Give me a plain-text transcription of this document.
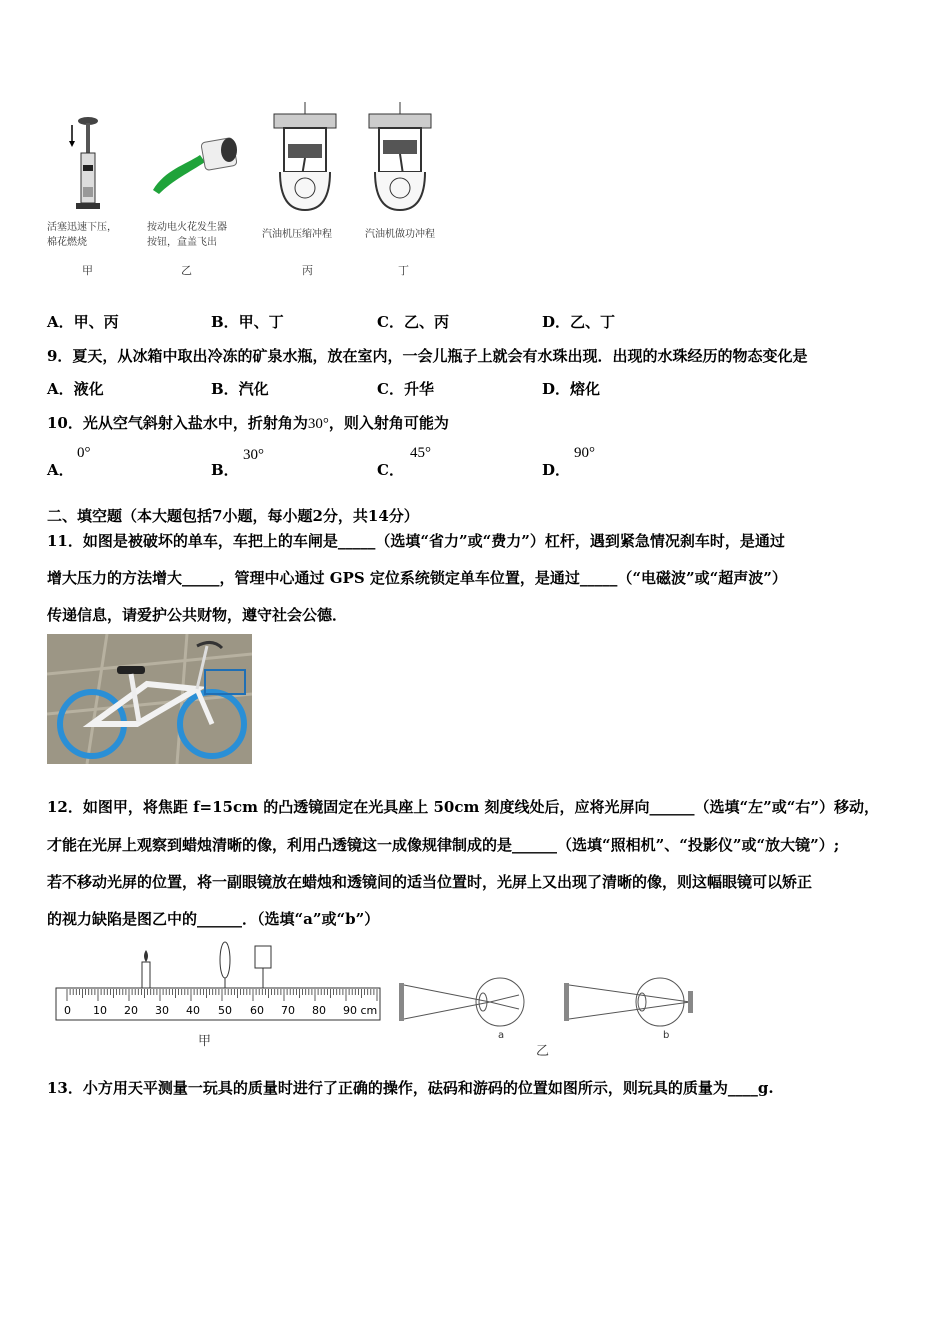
活塞迅速下压，
棉花燃烧
甲
按动电火花发生器
按钮，盒盖飞出
乙
汽油机压缩冲程
丙
汽油机做功冲程
丁
A．甲、丙	B．甲、丁	C．乙、丙	D．乙、丁
9．夏天，从冰箱中取出冷冻的矿泉水瓶，放在室内，一会儿瓶子上就会有水珠出现．出现的水珠经历的物态变化是
A．液化	B．汽化	C．升华	D．熔化
10．光从空气斜射入盐水中，折射角为30°，则入射角可能为
A．
0°
B．
30°
C．
45°
D．
90°
二、填空题（本大题包括7小题，每小题2分，共14分）
11．如图是被破坏的单车，车把上的车闸是_____（选填“省力”或“费力”）杠杆，遇到紧急情况刹车时，是通过
增大压力的方法增大_____，管理中心通过 GPS 定位系统锁定单车位置，是通过_____（“电磁波”或“超声波”）
传递信息，请爱护公共财物，遵守社会公德．
12．如图甲，将焦距 f=15cm 的凸透镜固定在光具座上 50cm 刻度线处后，应将光屏向______（选填“左”或“右”）移动，
才能在光屏上观察到蜡烛清晰的像，利用凸透镜这一成像规律制成的是______（选填“照相机”、“投影仪”或“放大镜”）;
若不移动光屏的位置，将一副眼镜放在蜡烛和透镜间的适当位置时，光屏上又出现了清晰的像，则这幅眼镜可以矫正
的视力缺陷是图乙中的______．（选填“a”或“b”）
0 10 20 30 40 50 60 70 80 90 cm
甲	a
乙
b
13．小方用天平测量一玩具的质量时进行了正确的操作，砝码和游码的位置如图所示，则玩具的质量为____g.
